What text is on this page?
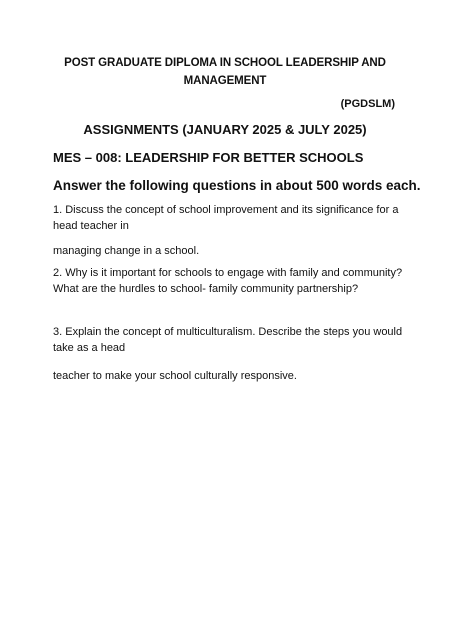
POST GRADUATE DIPLOMA IN SCHOOL LEADERSHIP AND MANAGEMENT
(PGDSLM)
ASSIGNMENTS (JANUARY 2025 & JULY 2025)
MES – 008: LEADERSHIP FOR BETTER SCHOOLS
Answer the following questions in about 500 words each.
1. Discuss the concept of school improvement and its significance for a head teacher in
managing change in a school.
2. Why is it important for schools to engage with family and community? What are the hurdles to school- family community partnership?
3. Explain the concept of multiculturalism. Describe the steps you would take as a head
teacher to make your school culturally responsive.
